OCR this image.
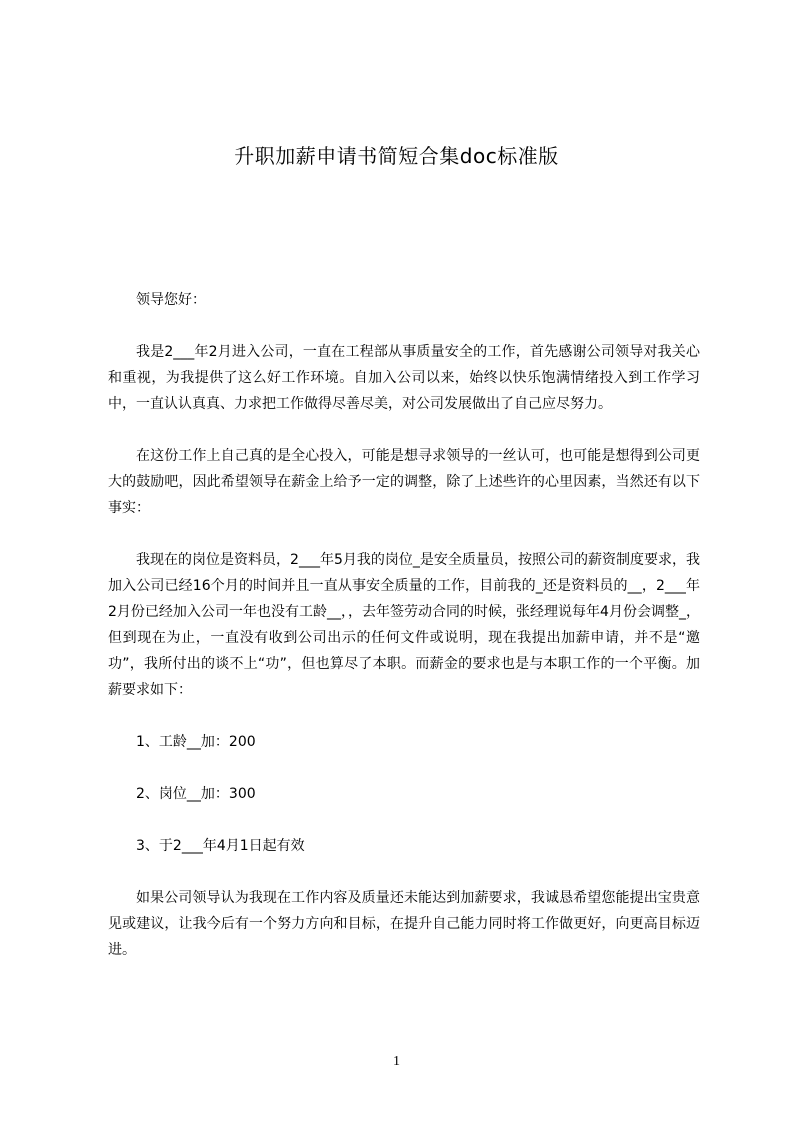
升职加薪申请书简短合集doc标准版
领导您好：

我是2___年2月进入公司，一直在工程部从事质量安全的工作，首先感谢公司领导对我关心和重视，为我提供了这么好工作环境。自加入公司以来，始终以快乐饱满情绪投入到工作学习中，一直认认真真、力求把工作做得尽善尽美，对公司发展做出了自己应尽努力。

在这份工作上自己真的是全心投入，可能是想寻求领导的一丝认可，也可能是想得到公司更大的鼓励吧，因此希望领导在薪金上给予一定的调整，除了上述些许的心里因素，当然还有以下事实：

我现在的岗位是资料员，2___年5月我的岗位_是安全质量员，按照公司的薪资制度要求，我加入公司已经16个月的时间并且一直从事安全质量的工作，目前我的_还是资料员的__，2___年2月份已经加入公司一年也没有工龄__，，去年签劳动合同的时候，张经理说每年4月份会调整_，但到现在为止，一直没有收到公司出示的任何文件或说明，现在我提出加薪申请，并不是“邀功”，我所付出的谈不上“功”，但也算尽了本职。而薪金的要求也是与本职工作的一个平衡。加薪要求如下：

1、工龄__加：200
2、岗位__加：300
3、于2___年4月1日起有效

如果公司领导认为我现在工作内容及质量还未能达到加薪要求，我诚恳希望您能提出宝贵意见或建议，让我今后有一个努力方向和目标，在提升自己能力同时将工作做更好，向更高目标迈进。

1
